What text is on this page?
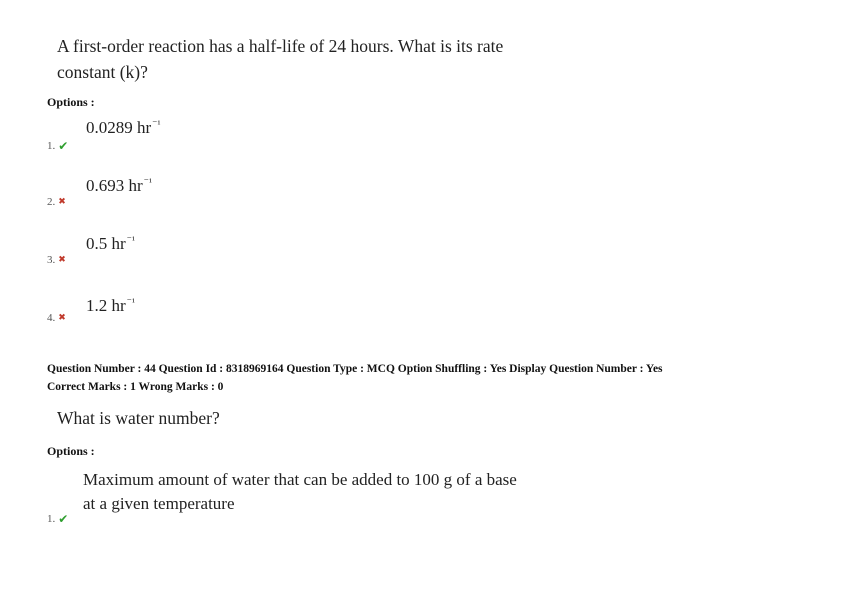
A first-order reaction has a half-life of 24 hours. What is its rate
constant (k)?
Options :
0.0289 $hr^{^{-1}}$
1. ✔
0.693 $hr^{^{-1}}$
2. ✖
0.5 $hr^{^{-1}}$
3. ✖
1.2 $hr^{^{-1}}$
4. ✖
Question Number : 44 Question Id : 8318969164 Question Type : MCQ Option Shuffling : Yes Display Question Number : Yes
Correct Marks : 1 Wrong Marks : 0
What is water number?
Options :
Maximum amount of water that can be added to 100 g of a base
at a given temperature
1. ✔
